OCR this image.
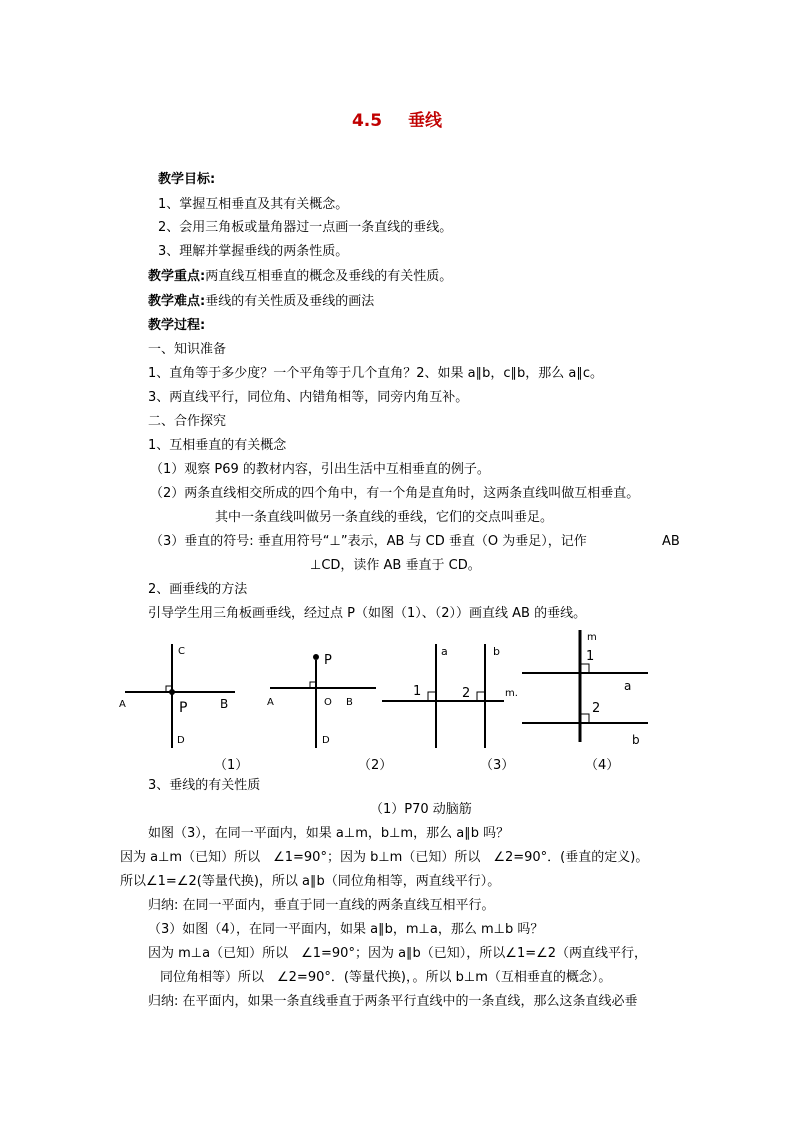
4.5 垂线
教学目标:
1、掌握互相垂直及其有关概念。
2、会用三角板或量角器过一点画一条直线的垂线。
3、理解并掌握垂线的两条性质。
教学重点:两直线互相垂直的概念及垂线的有关性质。
教学难点:垂线的有关性质及垂线的画法
教学过程:
一、知识准备
1、直角等于多少度？一个平角等于几个直角？2、如果 a∥b，c∥b，那么 a∥c。
3、两直线平行，同位角、内错角相等，同旁内角互补。
二、合作探究
1、互相垂直的有关概念
（1）观察 P69 的教材内容，引出生活中互相垂直的例子。
（2）两条直线相交所成的四个角中，有一个角是直角时，这两条直线叫做互相垂直。
其中一条直线叫做另一条直线的垂线，它们的交点叫垂足。
（3）垂直的符号: 垂直用符号“⊥”表示，AB 与 CD 垂直（O 为垂足），记作	AB
⊥CD，读作 AB 垂直于 CD。
2、画垂线的方法
引导学生用三角板画垂线，经过点 P（如图（1）、（2））画直线 AB 的垂线。
C
A	P	B
D
（1）
P
A	O B
D
（2）
a	b
1	2	m.
（3）
m
1
a
2
b
（4）
3、垂线的有关性质
（1）P70 动脑筋
如图（3），在同一平面内，如果 a⊥m，b⊥m，那么 a∥b 吗？
因为 a⊥m（已知）所以　∠1=90°；因为 b⊥m（已知）所以　∠2=90°．(垂直的定义)。
所以∠1=∠2(等量代换)，所以 a∥b（同位角相等，两直线平行）。
归纳: 在同一平面内，垂直于同一直线的两条直线互相平行。
（3）如图（4），在同一平面内，如果 a∥b，m⊥a，那么 m⊥b 吗？
因为 m⊥a（已知）所以　∠1=90°；因为 a∥b（已知），所以∠1=∠2（两直线平行，
同位角相等）所以　∠2=90°．(等量代换)，。所以 b⊥m（互相垂直的概念）。
归纳: 在平面内，如果一条直线垂直于两条平行直线中的一条直线，那么这条直线必垂
